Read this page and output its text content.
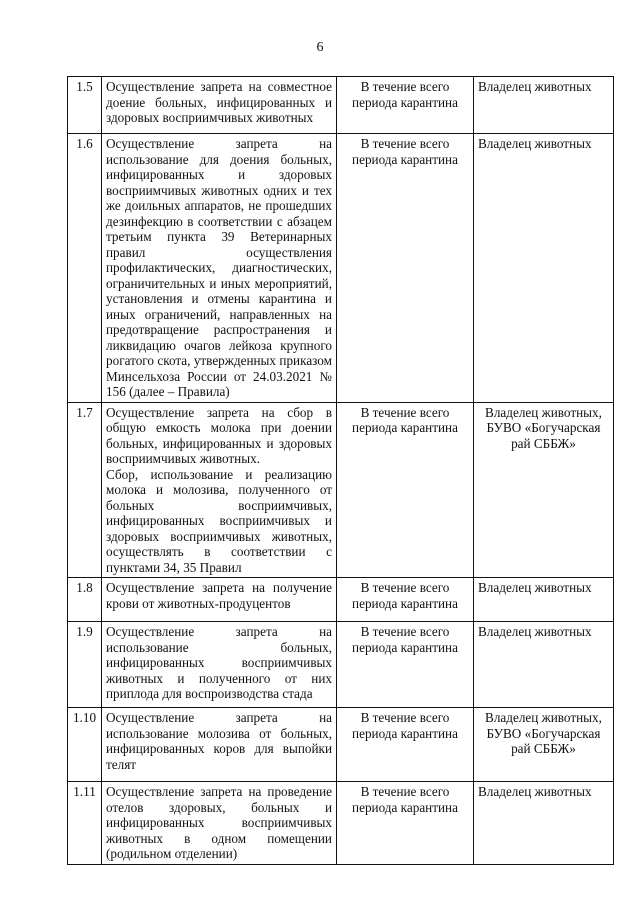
6
1.5	Осуществление запрета на совместное доение больных, инфицированных и здоровых восприимчивых животных	В течение всего периода карантина	Владелец животных
1.6	Осуществление запрета на использование для доения больных, инфицированных и здоровых восприимчивых животных одних и тех же доильных аппаратов, не прошедших дезинфекцию в соответствии с абзацем третьим пункта 39 Ветеринарных правил осуществления профилактических, диагностических, ограничительных и иных мероприятий, установления и отмены карантина и иных ограничений, направленных на предотвращение распространения и ликвидацию очагов лейкоза крупного рогатого скота, утвержденных приказом Минсельхоза России от 24.03.2021 № 156 (далее – Правила)	В течение всего периода карантина	Владелец животных
1.7	Осуществление запрета на сбор в общую емкость молока при доении больных, инфицированных и здоровых восприимчивых животных.
Сбор, использование и реализацию молока и молозива, полученного от больных восприимчивых, инфицированных восприимчивых и здоровых восприимчивых животных, осуществлять в соответствии с пунктами 34, 35 Правил	В течение всего периода карантина	Владелец животных, БУВО «Богучарская рай СББЖ»
1.8	Осуществление запрета на получение крови от животных-продуцентов	В течение всего периода карантина	Владелец животных
1.9	Осуществление запрета на использование больных, инфицированных восприимчивых животных и полученного от них приплода для воспроизводства стада	В течение всего периода карантина	Владелец животных
1.10	Осуществление запрета на использование молозива от больных, инфицированных коров для выпойки телят	В течение всего периода карантина	Владелец животных, БУВО «Богучарская рай СББЖ»
1.11	Осуществление запрета на проведение отелов здоровых, больных и инфицированных восприимчивых животных в одном помещении (родильном отделении)	В течение всего периода карантина	Владелец животных
